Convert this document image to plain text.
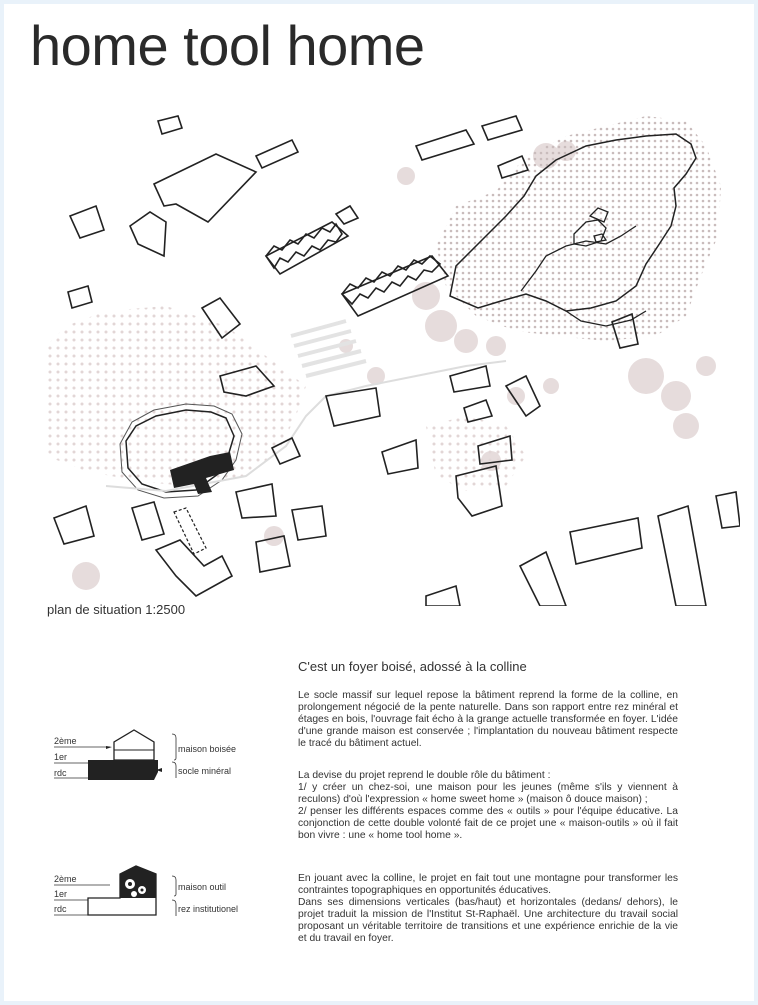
home tool home
plan de situation 1:2500
C'est un foyer boisé, adossé à la colline

Le socle massif sur lequel repose la bâtiment reprend la forme de la colline, en prolongement négocié de la pente naturelle. Dans son rapport entre rez minéral et étages en bois, l'ouvrage fait écho à la grange actuelle transformée en foyer. L'idée d'une grande maison est conservée ; l'implantation du nouveau bâtiment respecte le tracé du bâtiment actuel.

La devise du projet reprend le double rôle du bâtiment :

1/ y créer un chez-soi, une maison pour les jeunes (même s'ils y viennent à reculons) d'où l'expression « home sweet home » (maison ô douce maison) ;

2/ penser les différents espaces comme des « outils » pour l'équipe éducative. La conjonction de cette double volonté fait de ce projet une « maison-outils » où il fait bon vivre : une « home tool home ».

En jouant avec la colline, le projet en fait tout une montagne pour transformer les contraintes topographiques en opportunités éducatives.

Dans ses dimensions verticales (bas/haut) et horizontales (dedans/ dehors), le projet traduit la mission de l'Institut St-Raphaël. Une architecture du travail social proposant un véritable territoire de transitions et une expérience enrichie de la vie et du travail en foyer.

2ème
1er
rdc
maison boisée
socle minéral
2ème
1er
rdc
maison outil
rez institutionel
